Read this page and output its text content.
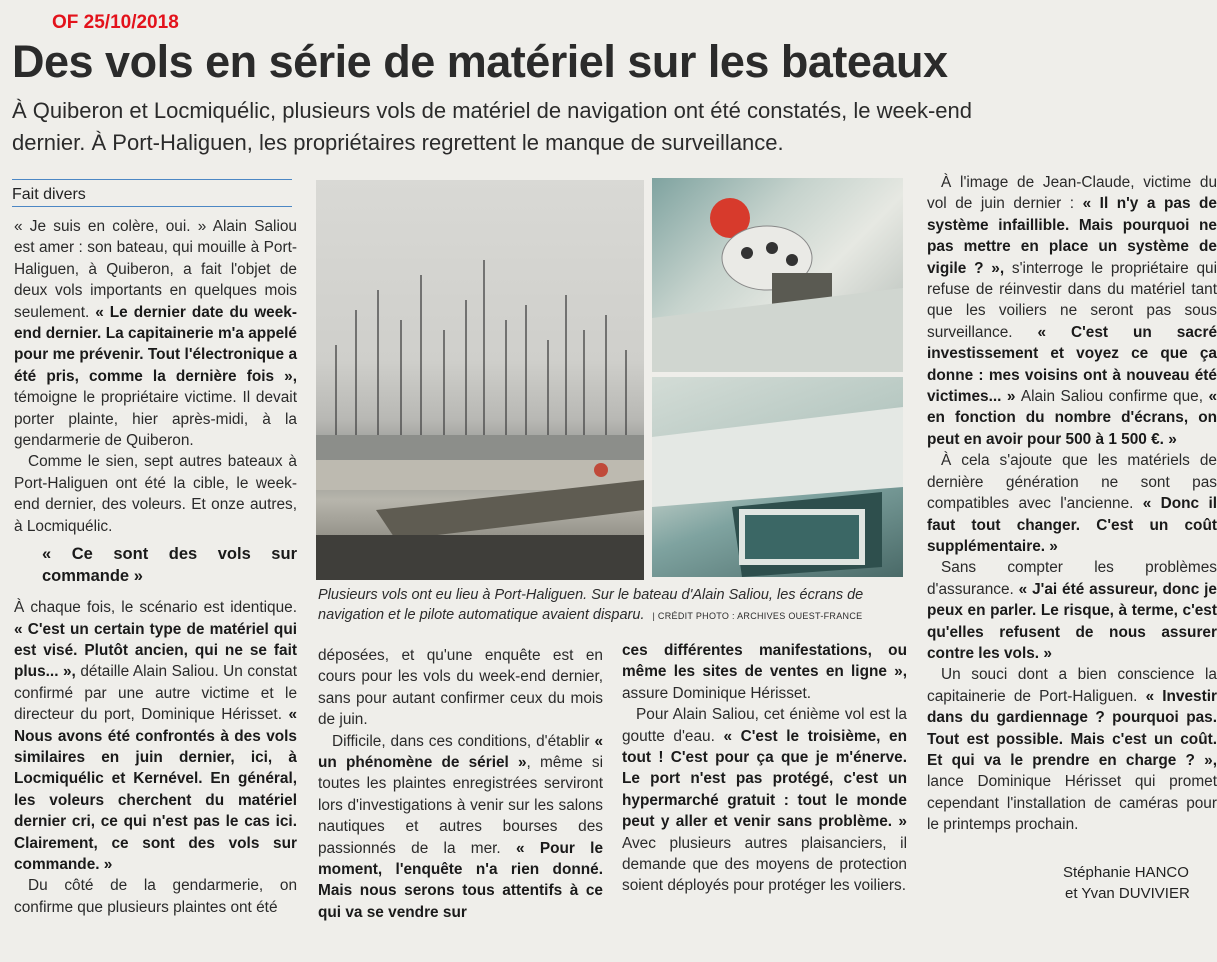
OF 25/10/2018
Des vols en série de matériel sur les bateaux
À Quiberon et Locmiquélic, plusieurs vols de matériel de navigation ont été constatés, le week-end dernier. À Port-Haliguen, les propriétaires regrettent le manque de surveillance.
Fait divers

« Je suis en colère, oui. » Alain Saliou est amer : son bateau, qui mouille à Port-Haliguen, à Quiberon, a fait l'objet de deux vols importants en quelques mois seulement. « Le dernier date du week-end dernier. La capitainerie m'a appelé pour me prévenir. Tout l'électronique a été pris, comme la dernière fois », témoigne le propriétaire victime. Il devait porter plainte, hier après-midi, à la gendarmerie de Quiberon.

Comme le sien, sept autres bateaux à Port-Haliguen ont été la cible, le week-end dernier, des voleurs. Et onze autres, à Locmiquélic.

« Ce sont des vols sur commande »

À chaque fois, le scénario est identique. « C'est un certain type de matériel qui est visé. Plutôt ancien, qui ne se fait plus... », détaille Alain Saliou. Un constat confirmé par une autre victime et le directeur du port, Dominique Hérisset. « Nous avons été confrontés à des vols similaires en juin dernier, ici, à Locmiquélic et Kernével. En général, les voleurs cherchent du matériel dernier cri, ce qui n'est pas le cas ici. Clairement, ce sont des vols sur commande. »

Du côté de la gendarmerie, on confirme que plusieurs plaintes ont été

Plusieurs vols ont eu lieu à Port-Haliguen. Sur le bateau d'Alain Saliou, les écrans de navigation et le pilote automatique avaient disparu. | CRÉDIT PHOTO : ARCHIVES OUEST-FRANCE

déposées, et qu'une enquête est en cours pour les vols du week-end dernier, sans pour autant confirmer ceux du mois de juin.

Difficile, dans ces conditions, d'établir « un phénomène de sériel », même si toutes les plaintes enregistrées serviront lors d'investigations à venir sur les salons nautiques et autres bourses des passionnés de la mer. « Pour le moment, l'enquête n'a rien donné. Mais nous serons tous attentifs à ce qui va se vendre sur

ces différentes manifestations, ou même les sites de ventes en ligne », assure Dominique Hérisset.

Pour Alain Saliou, cet énième vol est la goutte d'eau. « C'est le troisième, en tout ! C'est pour ça que je m'énerve. Le port n'est pas protégé, c'est un hypermarché gratuit : tout le monde peut y aller et venir sans problème. » Avec plusieurs autres plaisanciers, il demande que des moyens de protection soient déployés pour protéger les voiliers.

À l'image de Jean-Claude, victime du vol de juin dernier : « Il n'y a pas de système infaillible. Mais pourquoi ne pas mettre en place un système de vigile ? », s'interroge le propriétaire qui refuse de réinvestir dans du matériel tant que les voiliers ne seront pas sous surveillance. « C'est un sacré investissement et voyez ce que ça donne : mes voisins ont à nouveau été victimes... » Alain Saliou confirme que, « en fonction du nombre d'écrans, on peut en avoir pour 500 à 1 500 €. »

À cela s'ajoute que les matériels de dernière génération ne sont pas compatibles avec l'ancienne. « Donc il faut tout changer. C'est un coût supplémentaire. »

Sans compter les problèmes d'assurance. « J'ai été assureur, donc je peux en parler. Le risque, à terme, c'est qu'elles refusent de nous assurer contre les vols. »

Un souci dont a bien conscience la capitainerie de Port-Haliguen. « Investir dans du gardiennage ? pourquoi pas. Tout est possible. Mais c'est un coût. Et qui va le prendre en charge ? », lance Dominique Hérisset qui promet cependant l'installation de caméras pour le printemps prochain.

Stéphanie HANCO
et Yvan DUVIVIER
